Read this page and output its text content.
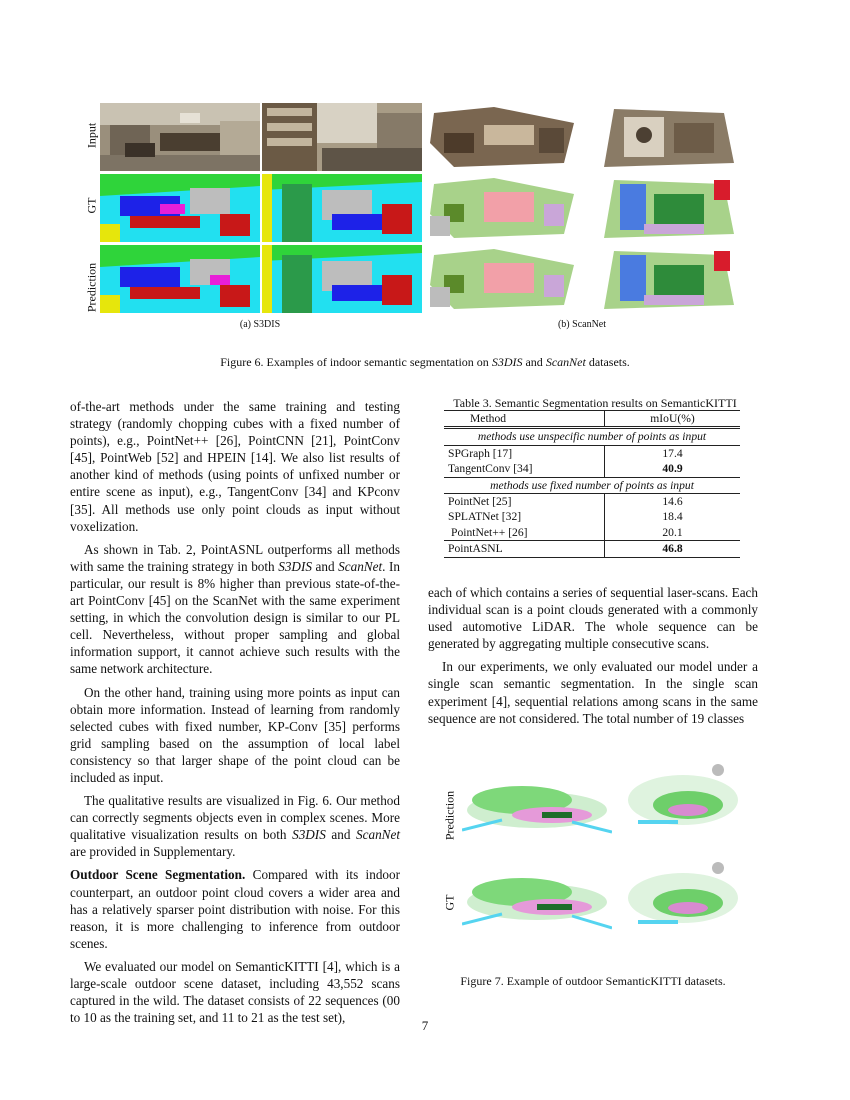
Input
GT
Prediction
(a) S3DIS	(b) ScanNet
Figure 6. Examples of indoor semantic segmentation on S3DIS and ScanNet datasets.

of-the-art methods under the same training and testing strategy (randomly chopping cubes with a fixed number of points), e.g., PointNet++ [26], PointCNN [21], PointConv [45], PointWeb [52] and HPEIN [14]. We also list results of another kind of methods (using points of unfixed number or entire scene as input), e.g., TangentConv [34] and KPconv [35]. All methods use only point clouds as input without voxelization.

As shown in Tab. 2, PointASNL outperforms all methods with same the training strategy in both S3DIS and ScanNet. In particular, our result is 8% higher than previous state-of-the-art PointConv [45] on the ScanNet with the same experiment setting, in which the convolution design is similar to our PL cell. Nevertheless, without proper sampling and global information support, it cannot achieve such results with the same network architecture.

On the other hand, training using more points as input can obtain more information. Instead of learning from randomly selected cubes with fixed number, KP-Conv [35] performs grid sampling based on the assumption of local label consistency so that larger shape of the point cloud can be included as input.

The qualitative results are visualized in Fig. 6. Our method can correctly segments objects even in complex scenes. More qualitative visualization results on both S3DIS and ScanNet are provided in Supplementary.

Outdoor Scene Segmentation. Compared with its indoor counterpart, an outdoor point cloud covers a wider area and has a relatively sparser point distribution with noise. For this reason, it is more challenging to inference from outdoor scenes.

We evaluated our model on SemanticKITTI [4], which is a large-scale outdoor scene dataset, including 43,552 scans captured in the wild. The dataset consists of 22 sequences (00 to 10 as the training set, and 11 to 21 as the test set),

Table 3. Semantic Segmentation results on SemanticKITTI
Method	mIoU(%)
methods use unspecific number of points as input	
SPGraph [17]	17.4
TangentConv [34]	40.9
methods use fixed number of points as input	
PointNet [25]	14.6
SPLATNet [32]	18.4
PointNet++ [26]	20.1
PointASNL	46.8

each of which contains a series of sequential laser-scans. Each individual scan is a point clouds generated with a commonly used automotive LiDAR. The whole sequence can be generated by aggregating multiple consecutive scans.

In our experiments, we only evaluated our model under a single scan semantic segmentation. In the single scan experiment [4], sequential relations among scans in the same sequence are not considered. The total number of 19 classes

Prediction
GT
Figure 7. Example of outdoor SemanticKITTI datasets.
7
